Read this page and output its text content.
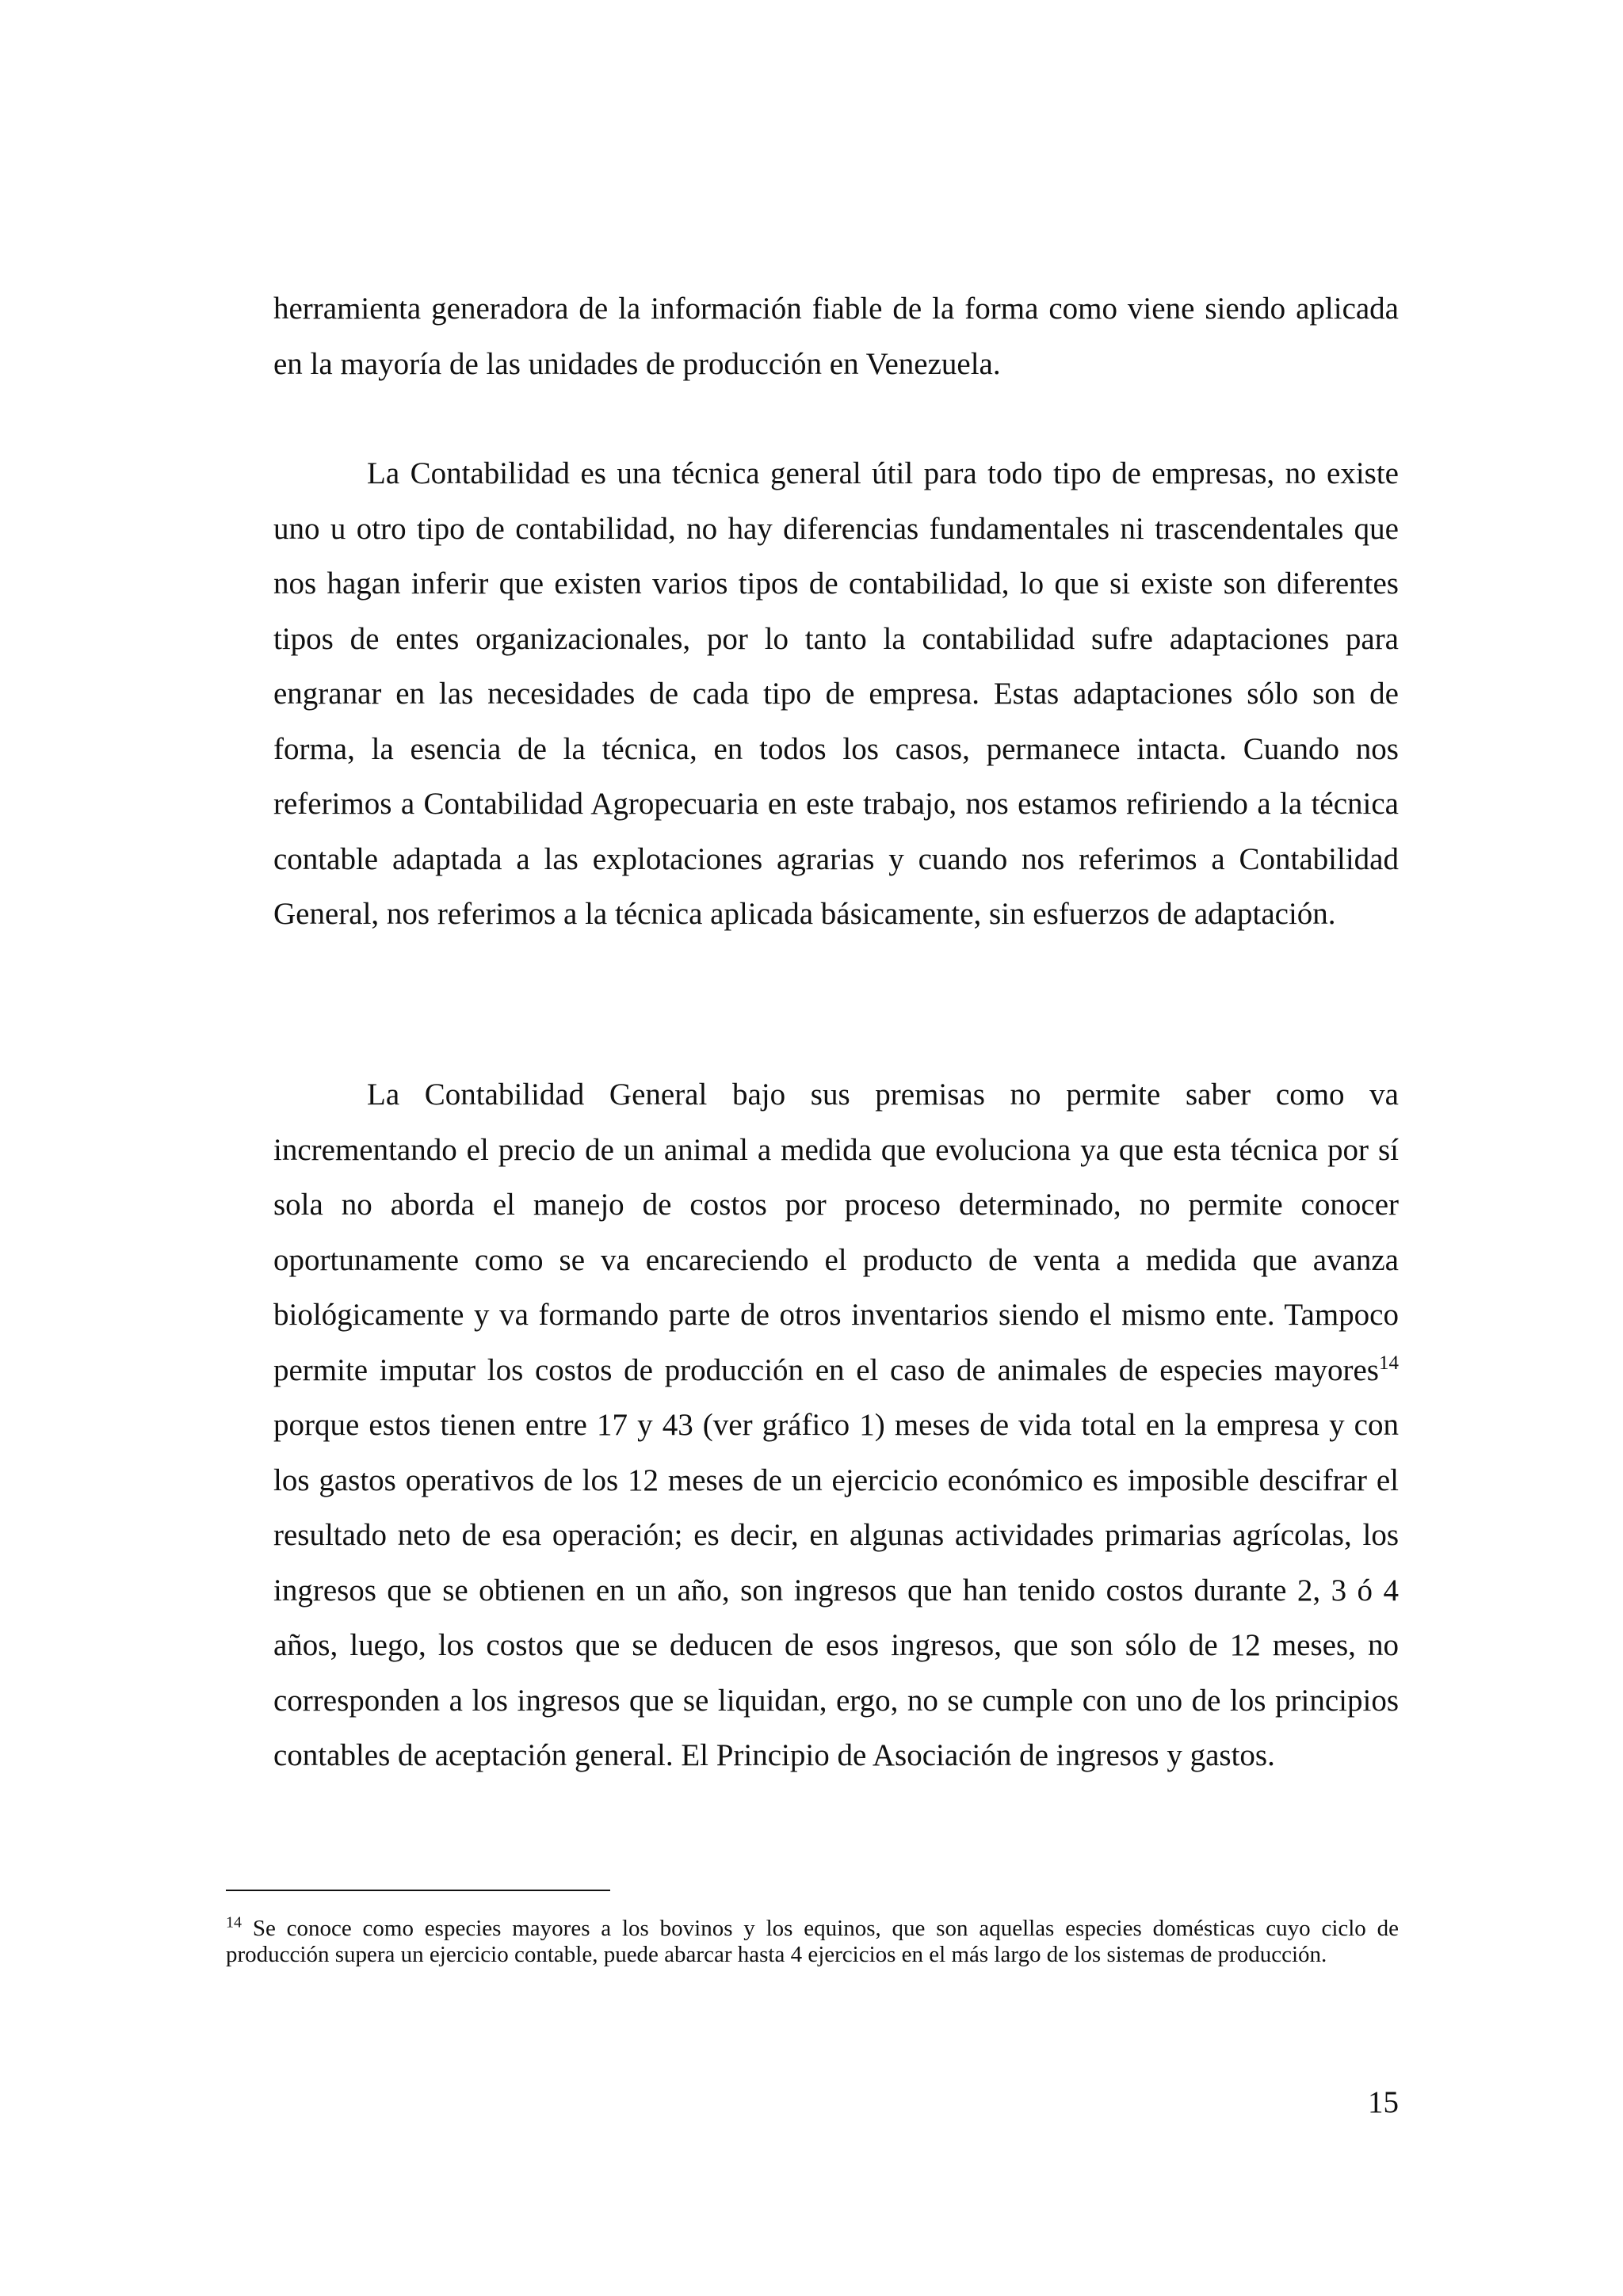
herramienta generadora de la información fiable de la forma como viene siendo aplicada en la mayoría de las unidades de producción en Venezuela.

La Contabilidad es una técnica general útil para todo tipo de empresas, no existe uno u otro tipo de contabilidad, no hay diferencias fundamentales ni trascendentales que nos hagan inferir que existen varios tipos de contabilidad, lo que si existe son diferentes tipos de entes organizacionales, por lo tanto la contabilidad sufre adaptaciones para engranar en las necesidades de cada tipo de empresa. Estas adaptaciones sólo son de forma, la esencia de la técnica, en todos los casos, permanece intacta. Cuando nos referimos a Contabilidad Agropecuaria en este trabajo, nos estamos refiriendo a la técnica contable adaptada a las explotaciones agrarias y cuando nos referimos a Contabilidad General, nos referimos a la técnica aplicada básicamente, sin esfuerzos de adaptación.

La Contabilidad General bajo sus premisas no permite saber como va incrementando el precio de un animal a medida que evoluciona ya que esta técnica por sí sola no aborda el manejo de costos por proceso determinado, no permite conocer oportunamente como se va encareciendo el producto de venta a medida que avanza biológicamente y va formando parte de otros inventarios siendo el mismo ente. Tampoco permite imputar los costos de producción en el caso de animales de especies mayores$^{14}$ porque estos tienen entre 17 y 43 (ver gráfico 1) meses de vida total en la empresa y con los gastos operativos de los 12 meses de un ejercicio económico es imposible descifrar el resultado neto de esa operación; es decir, en algunas actividades primarias agrícolas, los ingresos que se obtienen en un año, son ingresos que han tenido costos durante 2, 3 ó 4 años, luego, los costos que se deducen de esos ingresos, que son sólo de 12 meses, no corresponden a los ingresos que se liquidan, ergo, no se cumple con uno de los principios contables de aceptación general. El Principio de Asociación de ingresos y gastos.

$^{14}$ Se conoce como especies mayores a los bovinos y los equinos, que son aquellas especies domésticas cuyo ciclo de producción supera un ejercicio contable, puede abarcar hasta 4 ejercicios en el más largo de los sistemas de producción.

15
